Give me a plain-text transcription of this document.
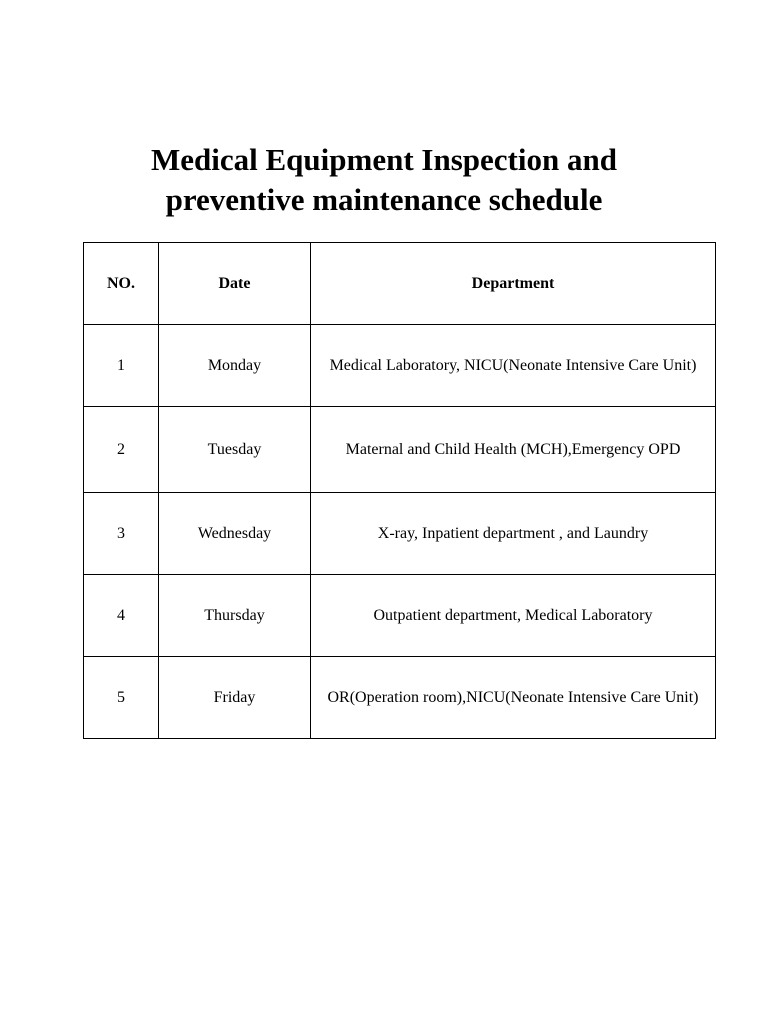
Medical Equipment Inspection and
preventive maintenance schedule
NO.	Date	Department
1	Monday	Medical Laboratory, NICU(Neonate Intensive Care Unit)
2	Tuesday	Maternal and Child Health (MCH),Emergency OPD
3	Wednesday	X-ray, Inpatient department , and Laundry
4	Thursday	Outpatient department, Medical Laboratory
5	Friday	OR(Operation room),NICU(Neonate Intensive Care Unit)
